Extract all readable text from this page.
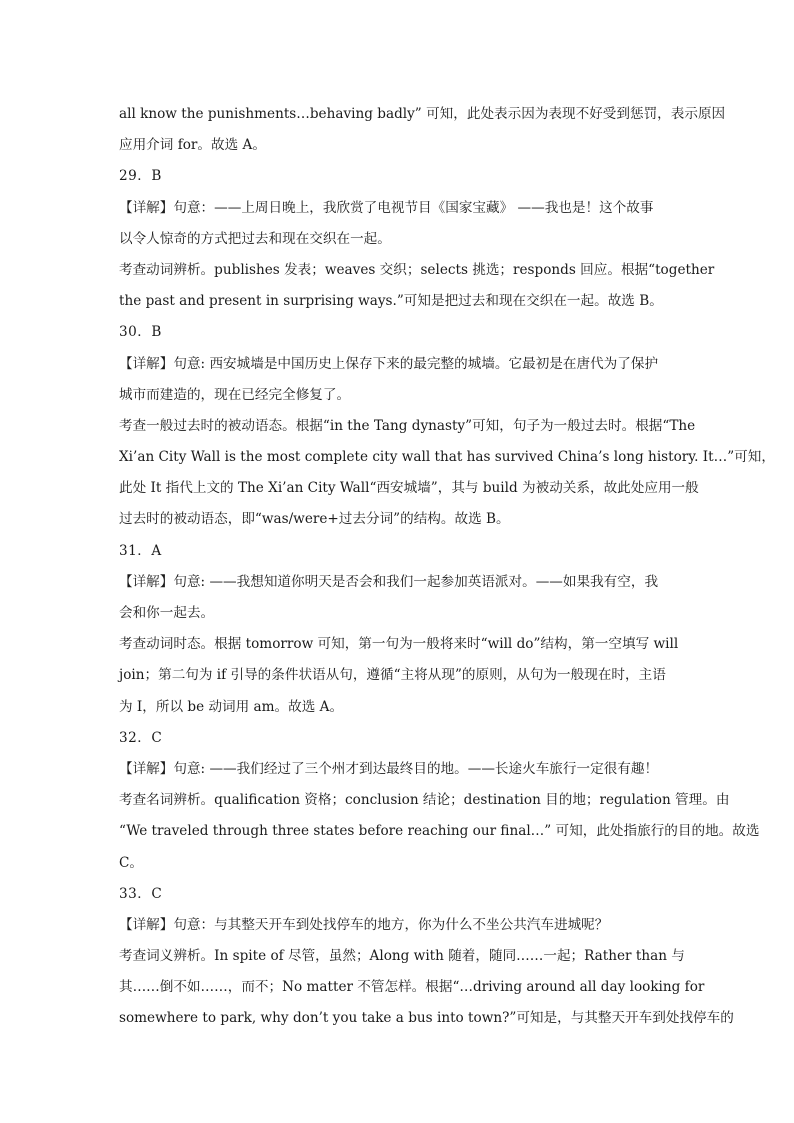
all know the punishments…behaving badly” 可知，此处表示因为表现不好受到惩罚，表示原因
应用介词 for。故选 A。
29．B
【详解】句意：——上周日晚上，我欣赏了电视节目《国家宝藏》 ——我也是！这个故事
以令人惊奇的方式把过去和现在交织在一起。
考查动词辨析。publishes 发表；weaves 交织；selects 挑选；responds 回应。根据“together
the past and present in surprising ways.”可知是把过去和现在交织在一起。故选 B。
30．B
【详解】句意: 西安城墙是中国历史上保存下来的最完整的城墙。它最初是在唐代为了保护
城市而建造的，现在已经完全修复了。
考查一般过去时的被动语态。根据“in the Tang dynasty”可知，句子为一般过去时。根据“The
Xi’an City Wall is the most complete city wall that has survived China’s long history. It…”可知，
此处 It 指代上文的 The Xi’an City Wall“西安城墙”，其与 build 为被动关系，故此处应用一般
过去时的被动语态，即“was/were+过去分词”的结构。故选 B。
31．A
【详解】句意: ——我想知道你明天是否会和我们一起参加英语派对。——如果我有空，我
会和你一起去。
考查动词时态。根据 tomorrow 可知，第一句为一般将来时“will do”结构，第一空填写 will
join；第二句为 if 引导的条件状语从句，遵循“主将从现”的原则，从句为一般现在时，主语
为 I，所以 be 动词用 am。故选 A。
32．C
【详解】句意: ——我们经过了三个州才到达最终目的地。——长途火车旅行一定很有趣！
考查名词辨析。qualification 资格；conclusion 结论；destination 目的地；regulation 管理。由
“We traveled through three states before reaching our final…” 可知，此处指旅行的目的地。故选
C。
33．C
【详解】句意：与其整天开车到处找停车的地方，你为什么不坐公共汽车进城呢？
考查词义辨析。In spite of 尽管，虽然；Along with 随着，随同……一起；Rather than 与
其……倒不如……，而不；No matter 不管怎样。根据“…driving around all day looking for
somewhere to park, why don’t you take a bus into town?”可知是，与其整天开车到处找停车的
